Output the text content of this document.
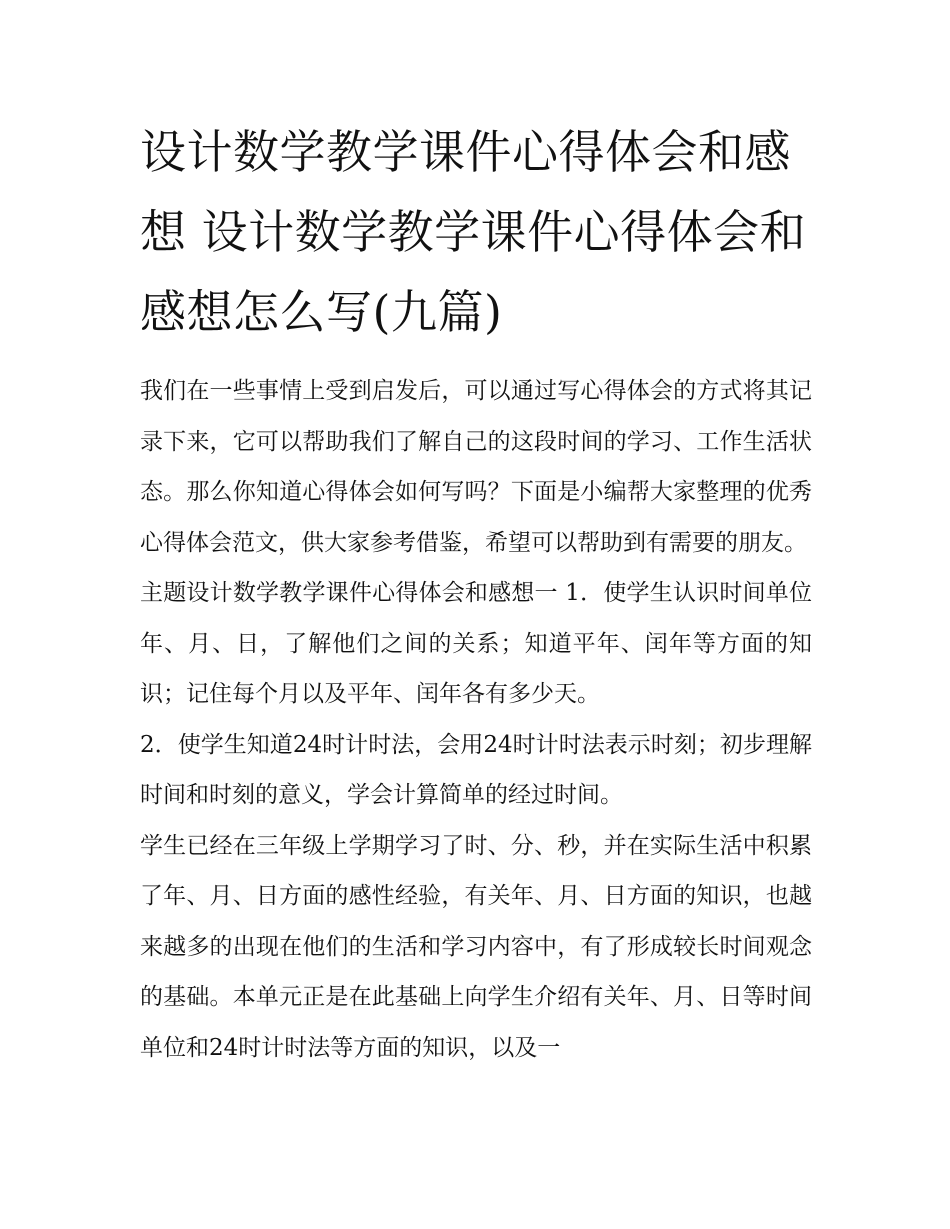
设计数学教学课件心得体会和感想 设计数学教学课件心得体会和感想怎么写(九篇)

我们在一些事情上受到启发后，可以通过写心得体会的方式将其记录下来，它可以帮助我们了解自己的这段时间的学习、工作生活状态。那么你知道心得体会如何写吗？下面是小编帮大家整理的优秀心得体会范文，供大家参考借鉴，希望可以帮助到有需要的朋友。

主题设计数学教学课件心得体会和感想一 1．使学生认识时间单位年、月、日，了解他们之间的关系；知道平年、闰年等方面的知识；记住每个月以及平年、闰年各有多少天。

2．使学生知道24时计时法，会用24时计时法表示时刻；初步理解时间和时刻的意义，学会计算简单的经过时间。

学生已经在三年级上学期学习了时、分、秒，并在实际生活中积累了年、月、日方面的感性经验，有关年、月、日方面的知识，也越来越多的出现在他们的生活和学习内容中，有了形成较长时间观念的基础。本单元正是在此基础上向学生介绍有关年、月、日等时间单位和24时计时法等方面的知识，以及一
